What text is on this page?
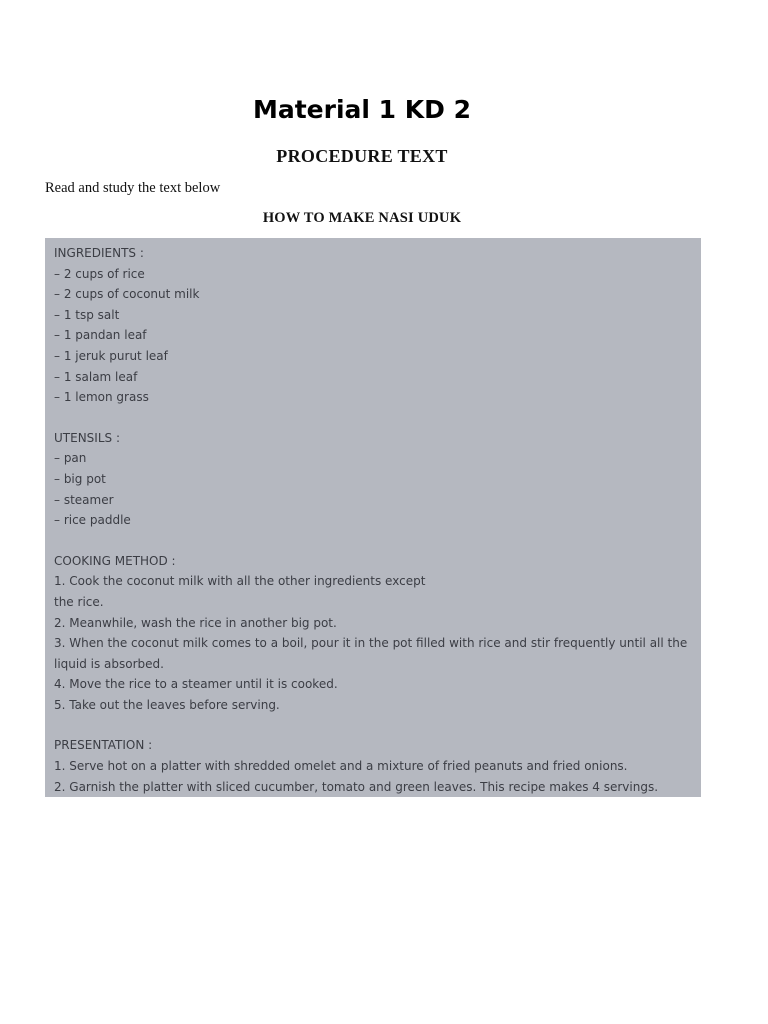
Material 1 KD 2
PROCEDURE TEXT
Read and study the text below
HOW TO MAKE NASI UDUK
INGREDIENTS :
– 2 cups of rice
– 2 cups of coconut milk
– 1 tsp salt
– 1 pandan leaf
– 1 jeruk purut leaf
– 1 salam leaf
– 1 lemon grass
UTENSILS :
– pan
– big pot
– steamer
– rice paddle
COOKING METHOD :
1. Cook the coconut milk with all the other ingredients except
the rice.
2. Meanwhile, wash the rice in another big pot.
3. When the coconut milk comes to a boil, pour it in the pot filled with rice and stir frequently until all the
liquid is absorbed.
4. Move the rice to a steamer until it is cooked.
5. Take out the leaves before serving.
PRESENTATION :
1. Serve hot on a platter with shredded omelet and a mixture of fried peanuts and fried onions.
2. Garnish the platter with sliced cucumber, tomato and green leaves. This recipe makes 4 servings.
